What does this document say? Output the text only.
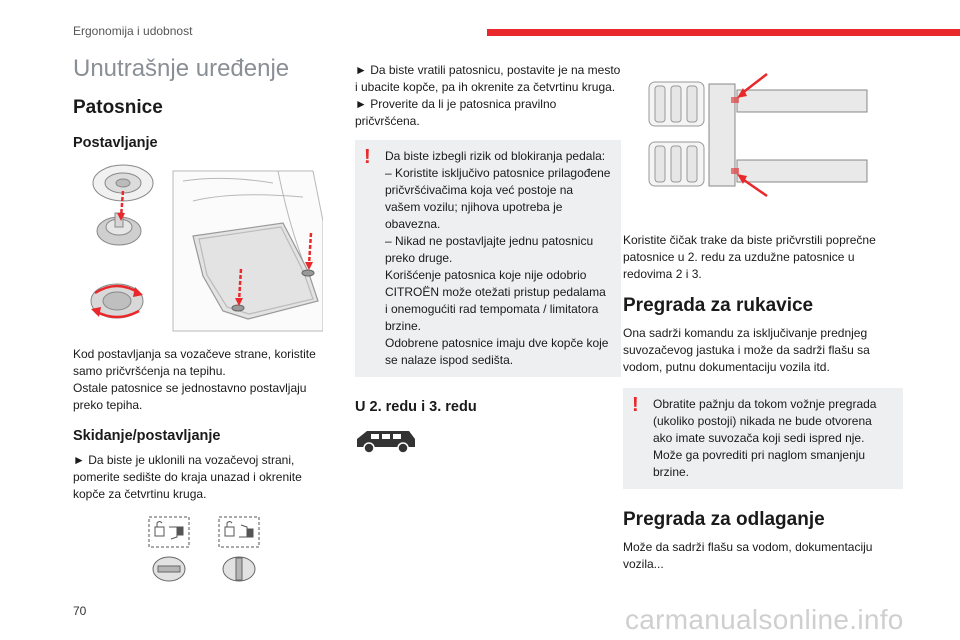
Ergonomija i udobnost
Unutrašnje uređenje
Patosnice
Postavljanje

Kod postavljanja sa vozačeve strane, koristite samo pričvršćenja na tepihu.

Ostale patosnice se jednostavno postavljaju preko tepiha.

Skidanje/postavljanje

► Da biste je uklonili na vozačevoj strani, pomerite sedište do kraja unazad i okrenite kopče za četvrtinu kruga.

► Da biste vratili patosnicu, postavite je na mesto i ubacite kopče, pa ih okrenite za četvrtinu kruga.

► Proverite da li je patosnica pravilno pričvršćena.

! Da biste izbegli rizik od blokiranja pedala:
– Koristite isključivo patosnice prilagođene pričvršćivačima koja već postoje na vašem vozilu; njihova upotreba je obavezna.
– Nikad ne postavljajte jednu patosnicu preko druge.
Korišćenje patosnica koje nije odobrio CITROËN može otežati pristup pedalama i onemogućiti rad tempomata / limitatora brzine.
Odobrene patosnice imaju dve kopče koje se nalaze ispod sedišta.
U 2. redu i 3. redu

Koristite čičak trake da biste pričvrstili poprečne patosnice u 2. redu za uzdužne patosnice u redovima 2 i 3.

Pregrada za rukavice

Ona sadrži komandu za isključivanje prednjeg suvozačevog jastuka i može da sadrži flašu sa vodom, putnu dokumentaciju vozila itd.

! Obratite pažnju da tokom vožnje pregrada (ukoliko postoji) nikada ne bude otvorena ako imate suvozača koji sedi ispred nje. Može ga povrediti pri naglom smanjenju brzine.
Pregrada za odlaganje

Može da sadrži flašu sa vodom, dokumentaciju vozila...

70	carmanualsonline.info
